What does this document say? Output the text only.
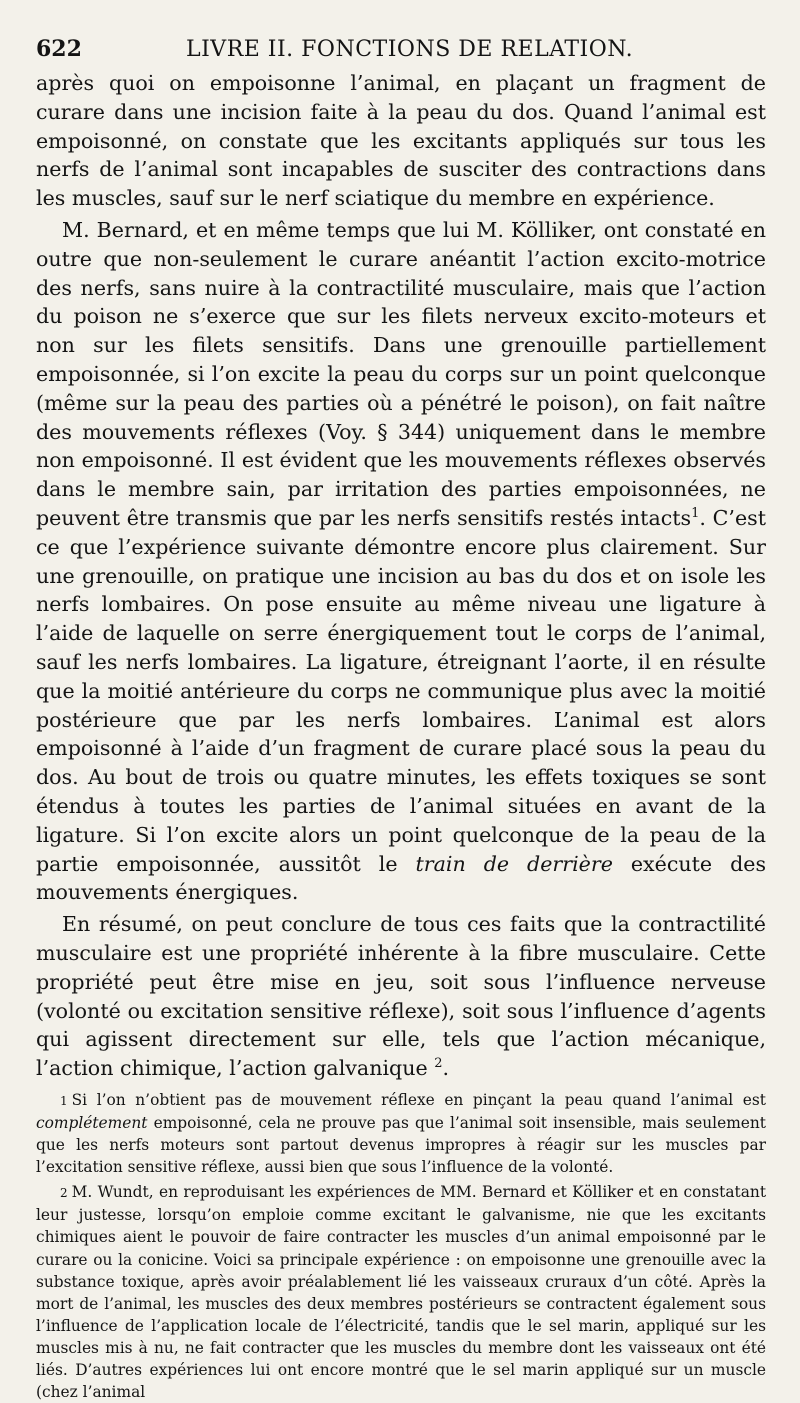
622	LIVRE II. FONCTIONS DE RELATION.

après quoi on empoisonne l’animal, en plaçant un fragment de curare dans une incision faite à la peau du dos. Quand l’animal est empoisonné, on constate que les excitants appliqués sur tous les nerfs de l’animal sont incapables de susciter des contractions dans les muscles, sauf sur le nerf sciatique du membre en expérience.

M. Bernard, et en même temps que lui M. Kölliker, ont constaté en outre que non-seulement le curare anéantit l’action excito-motrice des nerfs, sans nuire à la contractilité musculaire, mais que l’action du poison ne s’exerce que sur les filets nerveux excito-moteurs et non sur les filets sensitifs. Dans une grenouille partiellement empoisonnée, si l’on excite la peau du corps sur un point quelconque (même sur la peau des parties où a pénétré le poison), on fait naître des mouvements réflexes (Voy. § 344) uniquement dans le membre non empoisonné. Il est évident que les mouvements réflexes observés dans le membre sain, par irritation des parties empoisonnées, ne peuvent être transmis que par les nerfs sensitifs restés intacts$^1$. C’est ce que l’expérience suivante démontre encore plus clairement. Sur une grenouille, on pratique une incision au bas du dos et on isole les nerfs lombaires. On pose ensuite au même niveau une ligature à l’aide de laquelle on serre énergiquement tout le corps de l’animal, sauf les nerfs lombaires. La ligature, étreignant l’aorte, il en résulte que la moitié antérieure du corps ne communique plus avec la moitié postérieure que par les nerfs lombaires. L’animal est alors empoisonné à l’aide d’un fragment de curare placé sous la peau du dos. Au bout de trois ou quatre minutes, les effets toxiques se sont étendus à toutes les parties de l’animal situées en avant de la ligature. Si l’on excite alors un point quelconque de la peau de la partie empoisonnée, aussitôt le train de derrière exécute des mouvements énergiques.

En résumé, on peut conclure de tous ces faits que la contractilité musculaire est une propriété inhérente à la fibre musculaire. Cette propriété peut être mise en jeu, soit sous l’influence nerveuse (volonté ou excitation sensitive réflexe), soit sous l’influence d’agents qui agissent directement sur elle, tels que l’action mécanique, l’action chimique, l’action galvanique $^2$.

1 Si l’on n’obtient pas de mouvement réflexe en pinçant la peau quand l’animal est complétement empoisonné, cela ne prouve pas que l’animal soit insensible, mais seulement que les nerfs moteurs sont partout devenus impropres à réagir sur les muscles par l’excitation sensitive réflexe, aussi bien que sous l’influence de la volonté.

2 M. Wundt, en reproduisant les expériences de MM. Bernard et Kölliker et en constatant leur justesse, lorsqu’on emploie comme excitant le galvanisme, nie que les excitants chimiques aient le pouvoir de faire contracter les muscles d’un animal empoisonné par le curare ou la conicine. Voici sa principale expérience : on empoisonne une grenouille avec la substance toxique, après avoir préalablement lié les vaisseaux cruraux d’un côté. Après la mort de l’animal, les muscles des deux membres postérieurs se contractent également sous l’influence de l’application locale de l’électricité, tandis que le sel marin, appliqué sur les muscles mis à nu, ne fait contracter que les muscles du membre dont les vaisseaux ont été liés. D’autres expériences lui ont encore montré que le sel marin appliqué sur un muscle (chez l’animal
